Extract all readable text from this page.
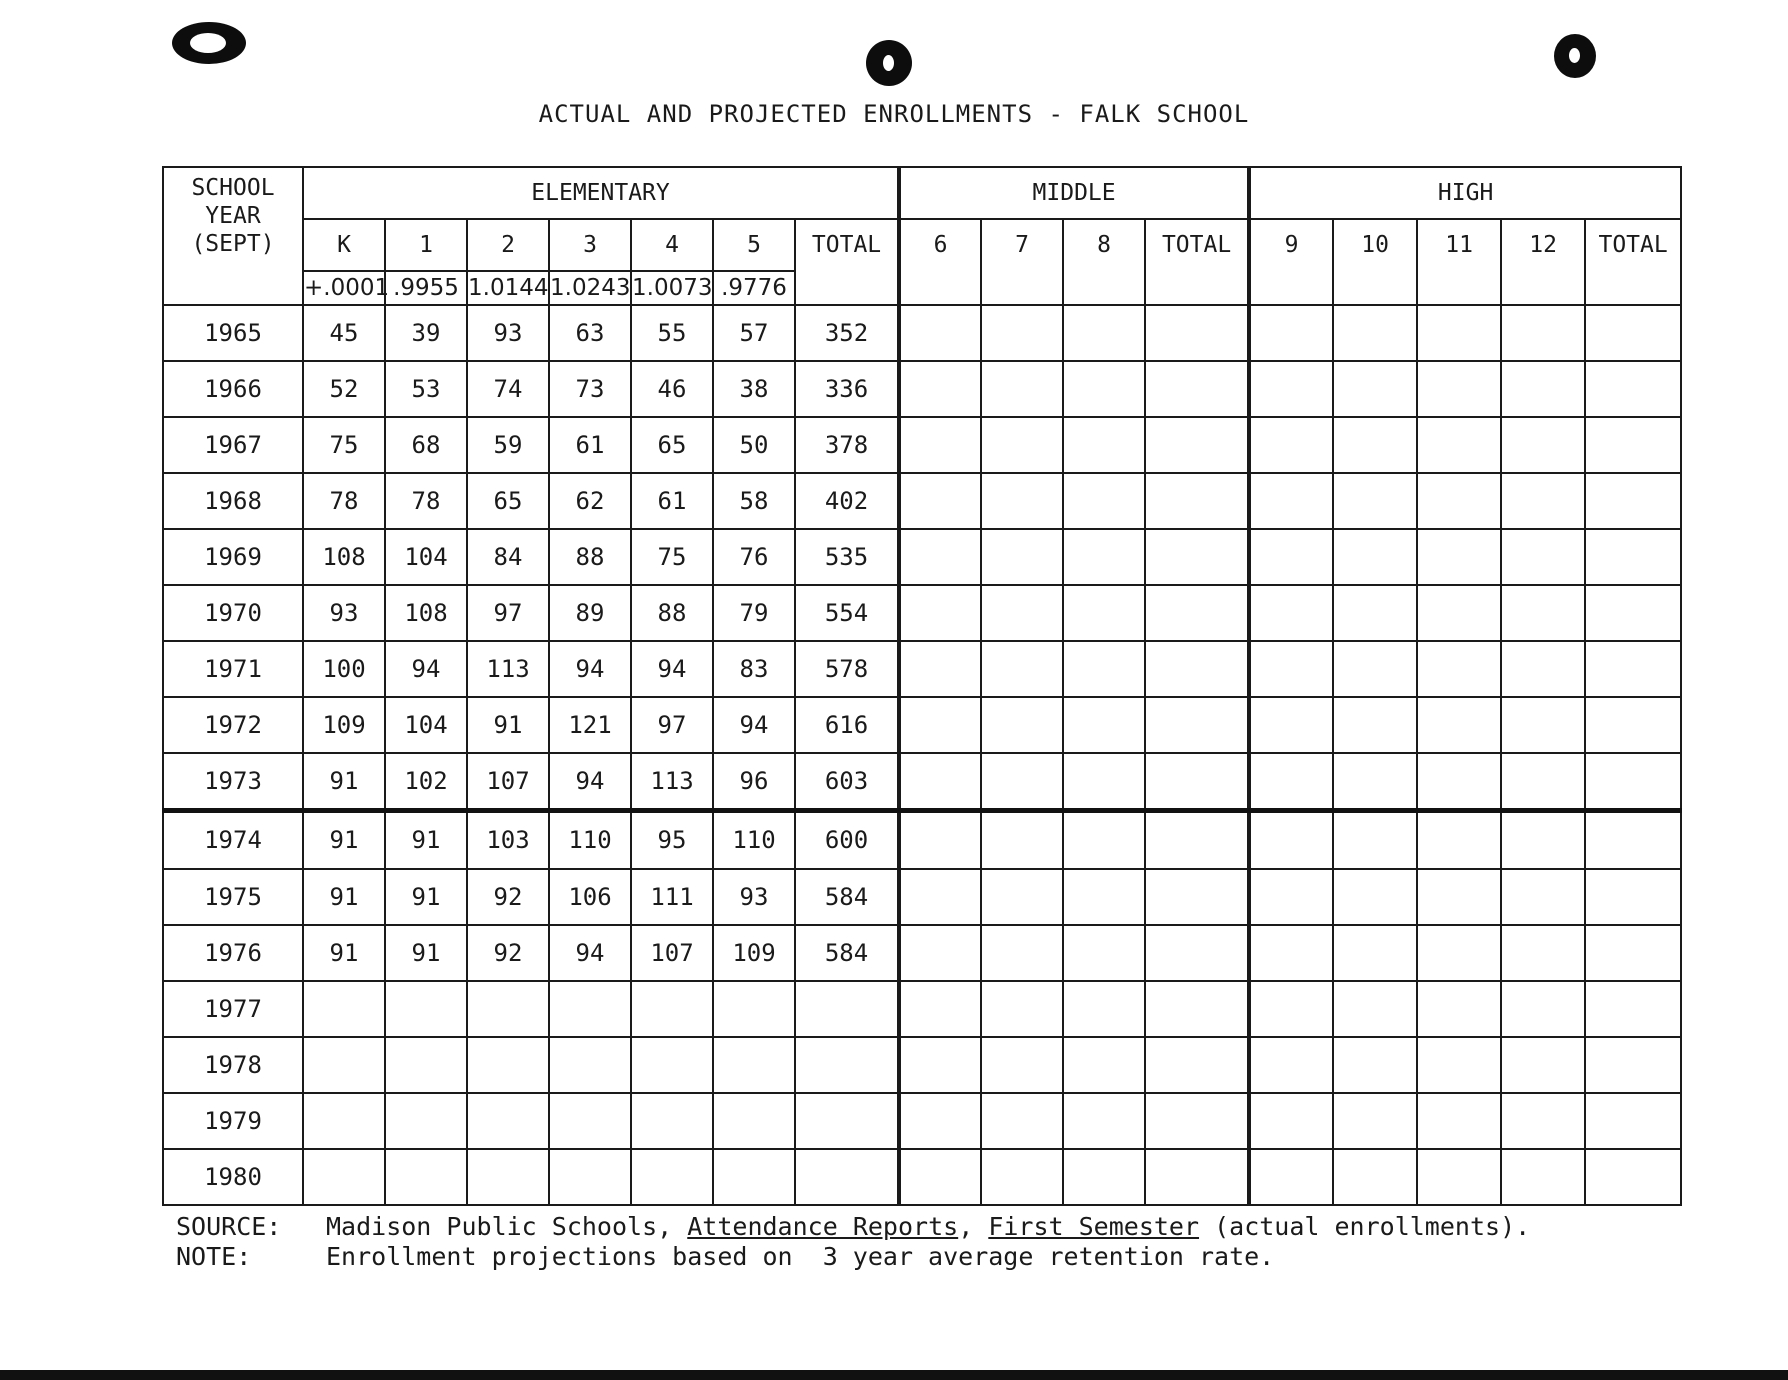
ACTUAL AND PROJECTED ENROLLMENTS - FALK SCHOOL
SCHOOL
YEAR
(SEPT)	ELEMENTARY							MIDDLE				HIGH				
	K	1	2	3	4	5	TOTAL	6	7	8	TOTAL	9	10	11	12	TOTAL
	+.0001	.9955	1.0144	1.0243	1.0073	.9776										
1965	45	39	93	63	55	57	352									
1966	52	53	74	73	46	38	336									
1967	75	68	59	61	65	50	378									
1968	78	78	65	62	61	58	402									
1969	108	104	84	88	75	76	535									
1970	93	108	97	89	88	79	554									
1971	100	94	113	94	94	83	578									
1972	109	104	91	121	97	94	616									
1973	91	102	107	94	113	96	603									
1974	91	91	103	110	95	110	600									
1975	91	91	92	106	111	93	584									
1976	91	91	92	94	107	109	584									
1977																
1978																
1979																
1980																
SOURCE:	Madison Public Schools, Attendance Reports, First Semester (actual enrollments).
NOTE:	Enrollment projections based on  3 year average retention rate.
